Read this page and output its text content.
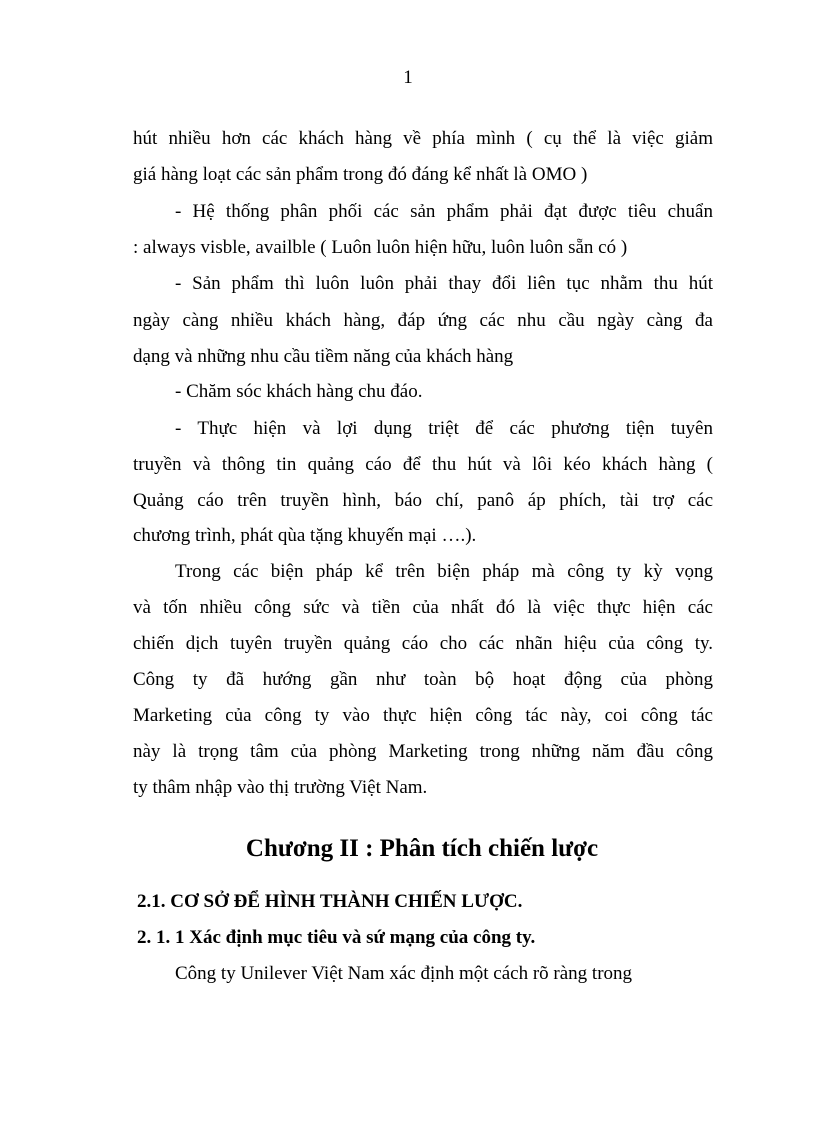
1
hút nhiều hơn các khách hàng về phía mình ( cụ thể là việc giảm
giá hàng loạt các sản phẩm trong đó đáng kể nhất là OMO )
- Hệ thống phân phối các sản phẩm phải đạt được tiêu chuẩn
: always visble, availble ( Luôn luôn hiện hữu, luôn luôn sẵn có )
- Sản phẩm thì luôn luôn phải thay đổi liên tục nhằm thu hút
ngày càng nhiều khách hàng, đáp ứng các nhu cầu ngày càng đa
dạng và những nhu cầu tiềm năng của khách hàng
- Chăm sóc khách hàng chu đáo.
- Thực hiện và lợi dụng triệt để các phương tiện tuyên
truyền và thông tin quảng cáo để thu hút và lôi kéo khách hàng (
Quảng cáo trên truyền hình, báo chí, panô áp phích, tài trợ các
chương trình, phát qùa tặng khuyến mại ….).
Trong các biện pháp kể trên biện pháp mà công ty kỳ vọng
và tốn nhiều công sức và tiền của nhất đó là việc thực hiện các
chiến dịch tuyên truyền quảng cáo cho các nhãn hiệu của công ty.
Công ty đã hướng gần như toàn bộ hoạt động của phòng
Marketing của công ty vào thực hiện công tác này, coi công tác
này là trọng tâm của phòng Marketing trong những năm đầu công
ty thâm nhập vào thị trường Việt Nam.
Chương II : Phân tích chiến lược
2.1. CƠ SỞ ĐỂ HÌNH THÀNH CHIẾN LƯỢC.
2. 1. 1 Xác định mục tiêu và sứ mạng của công ty.
Công ty Unilever Việt Nam xác định một cách rõ ràng trong
